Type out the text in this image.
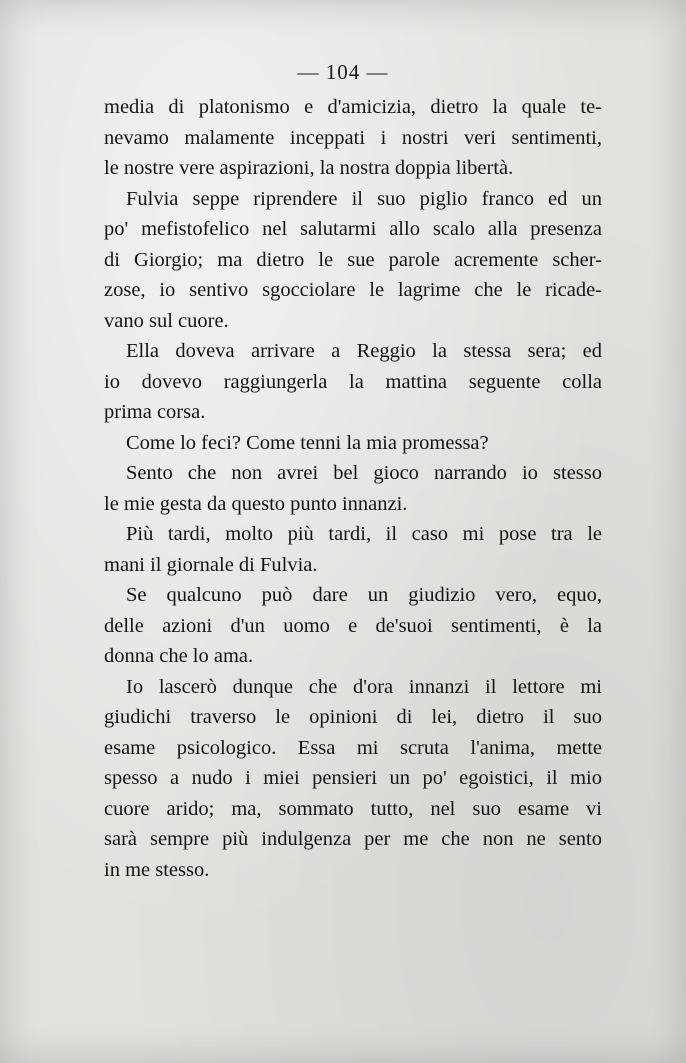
— 104 —
media di platonismo e d'amicizia, dietro la quale te-
nevamo malamente inceppati i nostri veri sentimenti,
le nostre vere aspirazioni, la nostra doppia libertà.
Fulvia seppe riprendere il suo piglio franco ed un
po' mefistofelico nel salutarmi allo scalo alla presenza
di Giorgio; ma dietro le sue parole acremente scher-
zose, io sentivo sgocciolare le lagrime che le ricade-
vano sul cuore.
Ella doveva arrivare a Reggio la stessa sera; ed
io dovevo raggiungerla la mattina seguente colla
prima corsa.
Come lo feci? Come tenni la mia promessa?
Sento che non avrei bel gioco narrando io stesso
le mie gesta da questo punto innanzi.
Più tardi, molto più tardi, il caso mi pose tra le
mani il giornale di Fulvia.
Se qualcuno può dare un giudizio vero, equo,
delle azioni d'un uomo e de'suoi sentimenti, è la
donna che lo ama.
Io lascerò dunque che d'ora innanzi il lettore mi
giudichi traverso le opinioni di lei, dietro il suo
esame psicologico. Essa mi scruta l'anima, mette
spesso a nudo i miei pensieri un po' egoistici, il mio
cuore arido; ma, sommato tutto, nel suo esame vi
sarà sempre più indulgenza per me che non ne sento
in me stesso.
